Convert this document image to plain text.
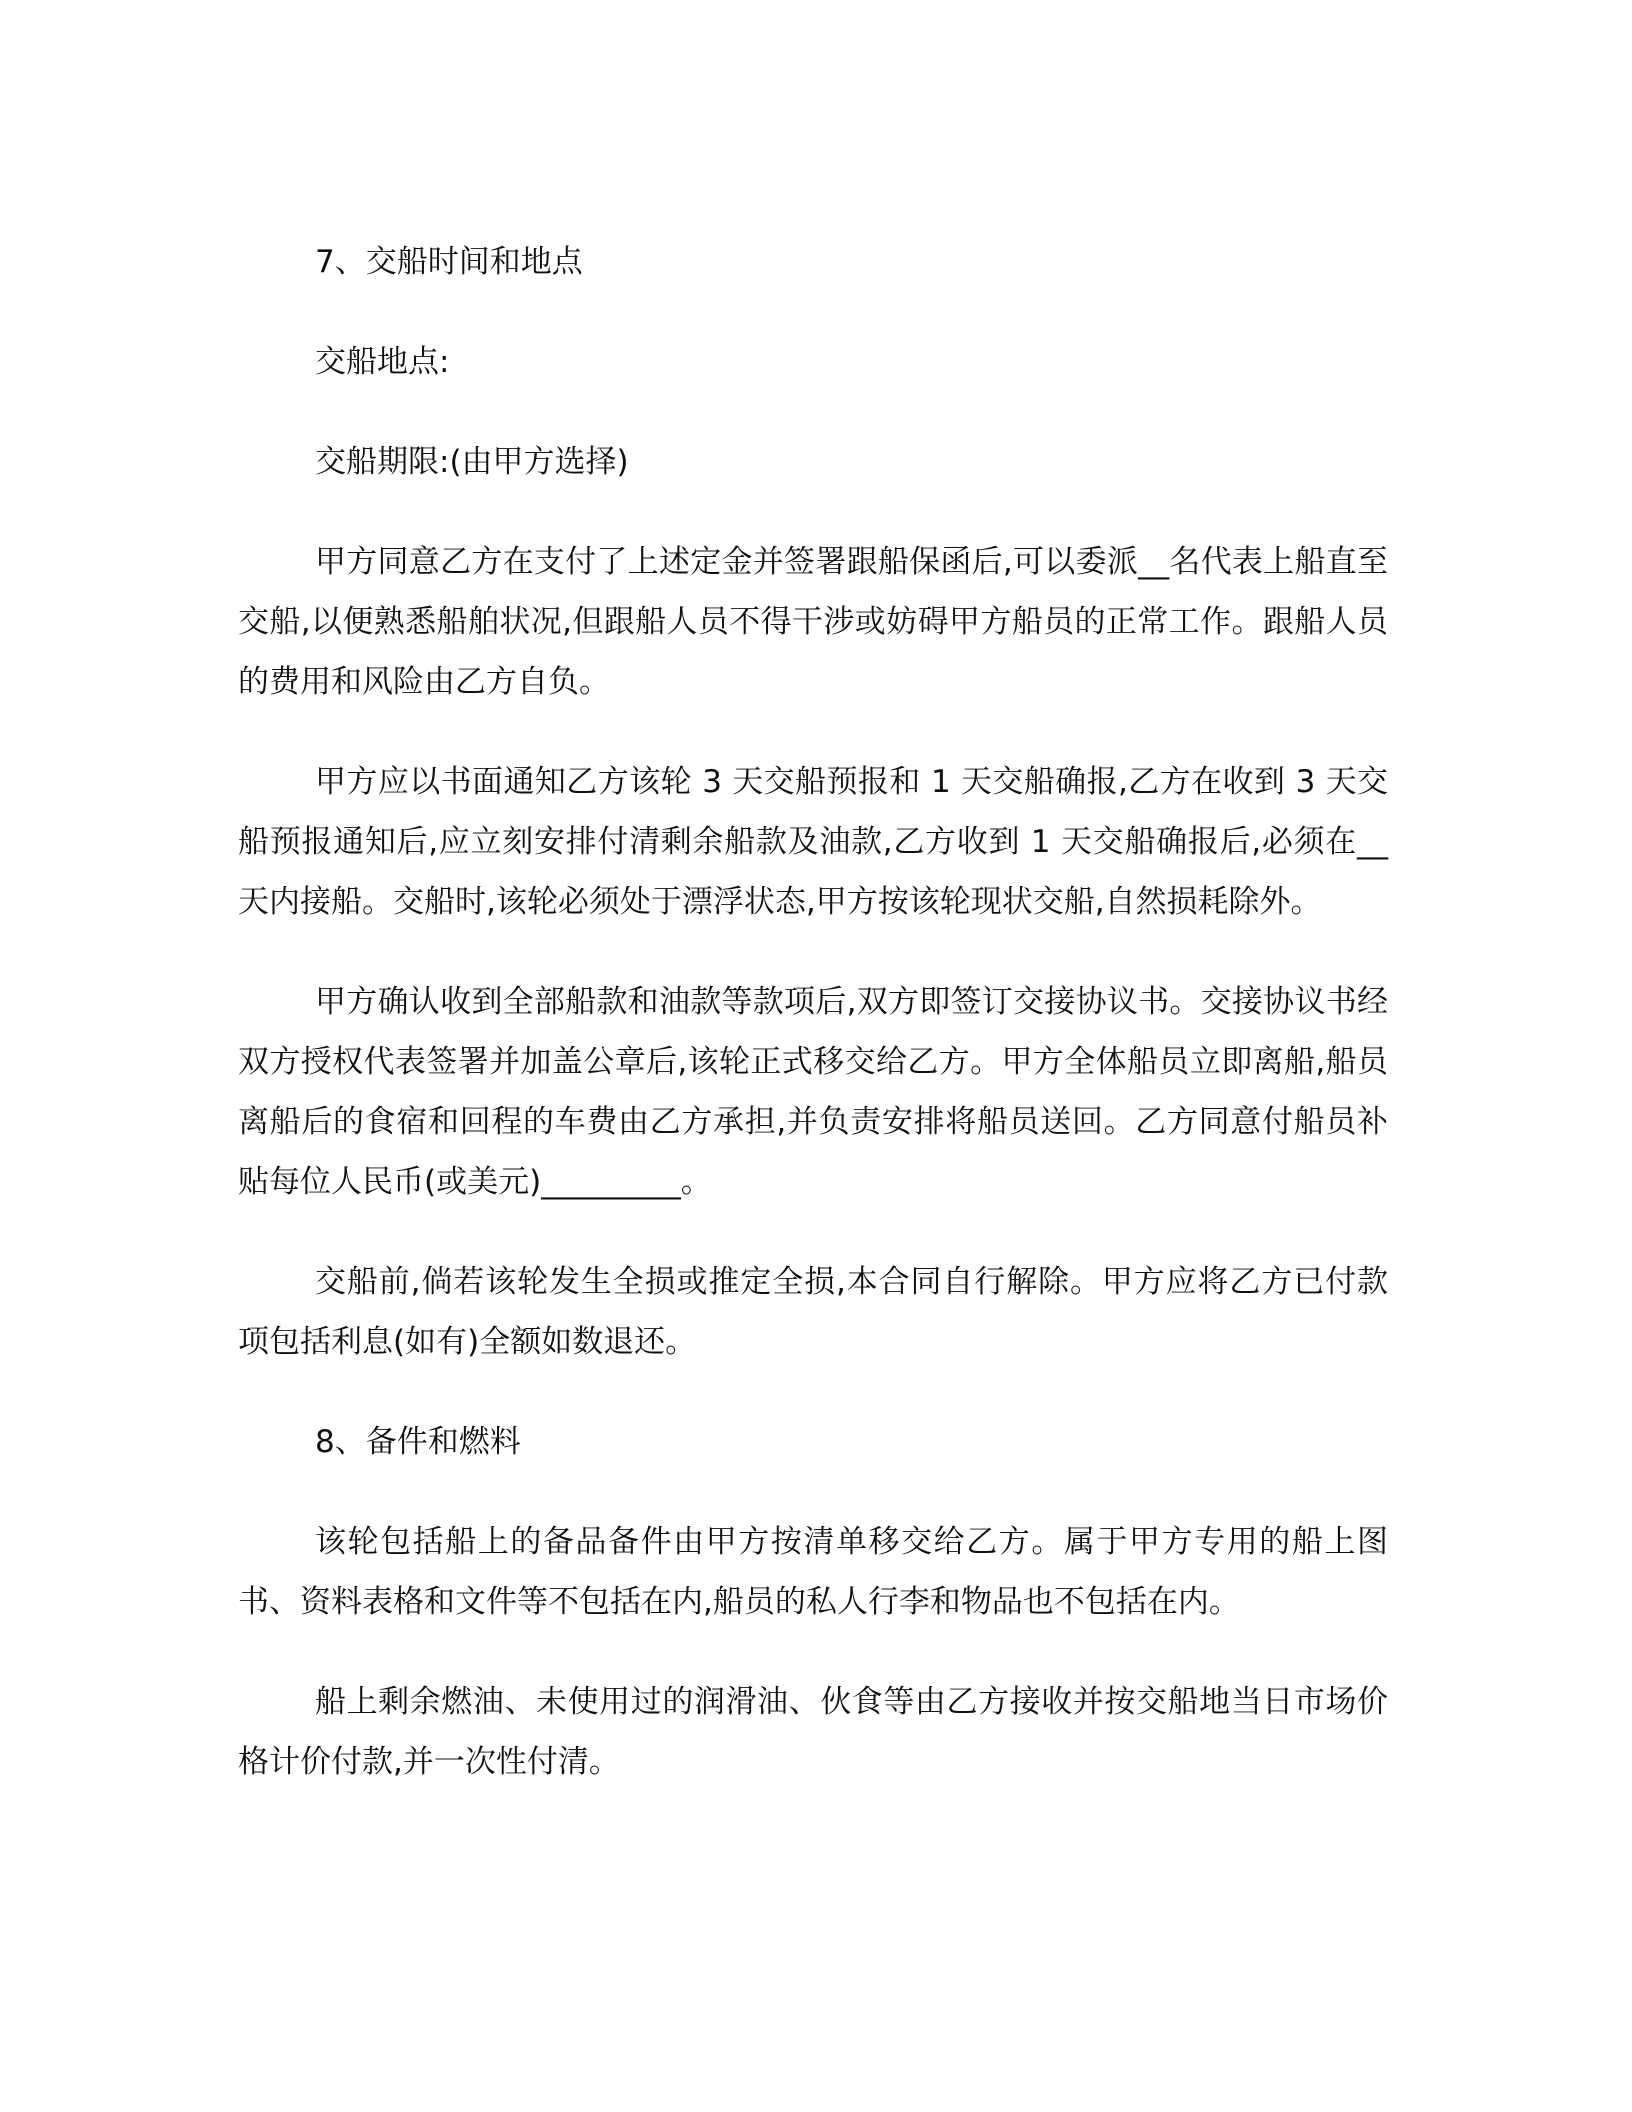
7、交船时间和地点
交船地点:
交船期限:(由甲方选择)
甲方同意乙方在支付了上述定金并签署跟船保函后,可以委派__名代表上船直至交船,以便熟悉船舶状况,但跟船人员不得干涉或妨碍甲方船员的正常工作。跟船人员的费用和风险由乙方自负。
甲方应以书面通知乙方该轮 3 天交船预报和 1 天交船确报,乙方在收到 3 天交船预报通知后,应立刻安排付清剩余船款及油款,乙方收到 1 天交船确报后,必须在__天内接船。交船时,该轮必须处于漂浮状态,甲方按该轮现状交船,自然损耗除外。
甲方确认收到全部船款和油款等款项后,双方即签订交接协议书。交接协议书经双方授权代表签署并加盖公章后,该轮正式移交给乙方。甲方全体船员立即离船,船员离船后的食宿和回程的车费由乙方承担,并负责安排将船员送回。乙方同意付船员补贴每位人民币(或美元)_________。
交船前,倘若该轮发生全损或推定全损,本合同自行解除。甲方应将乙方已付款项包括利息(如有)全额如数退还。
8、备件和燃料
该轮包括船上的备品备件由甲方按清单移交给乙方。属于甲方专用的船上图书、资料表格和文件等不包括在内,船员的私人行李和物品也不包括在内。
船上剩余燃油、未使用过的润滑油、伙食等由乙方接收并按交船地当日市场价格计价付款,并一次性付清。
